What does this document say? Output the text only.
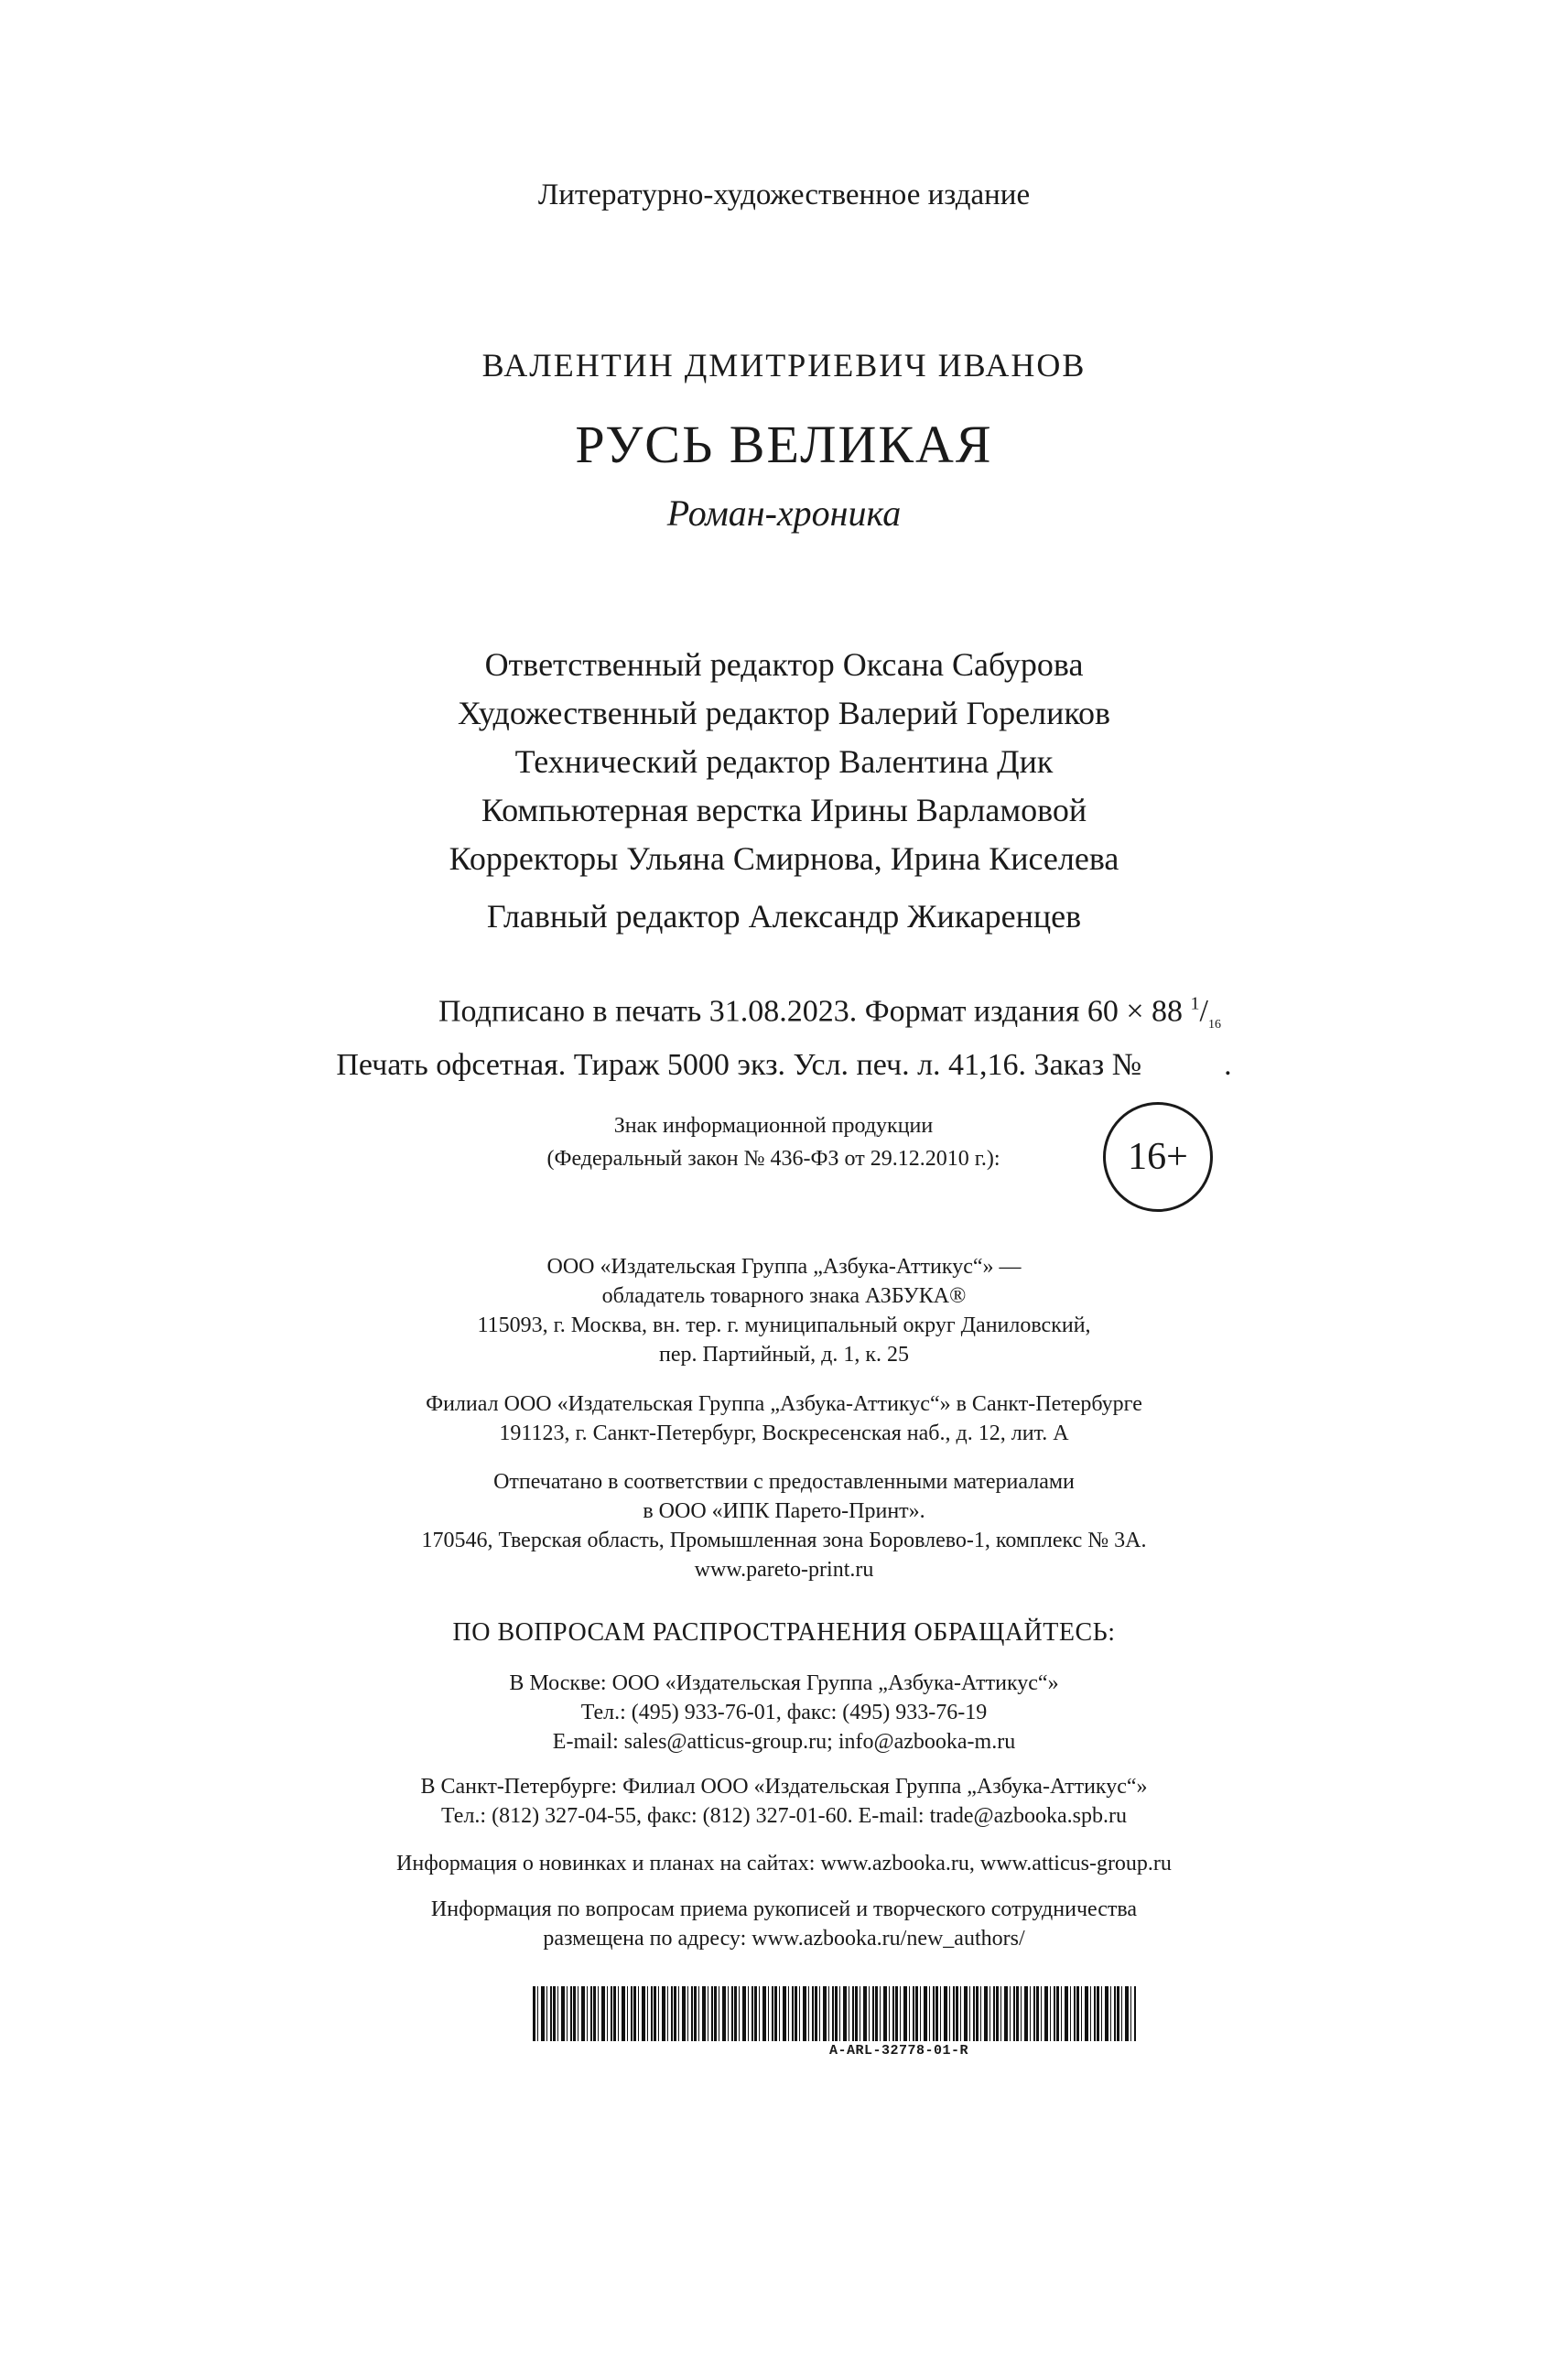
Литературно-художественное издание
ВАЛЕНТИН ДМИТРИЕВИЧ ИВАНОВ
РУСЬ ВЕЛИКАЯ
Роман-хроника
Ответственный редактор Оксана Сабурова
Художественный редактор Валерий Гореликов
Технический редактор Валентина Дик
Компьютерная верстка Ирины Варламовой
Корректоры Ульяна Смирнова, Ирина Киселева
Главный редактор Александр Жикаренцев
Подписано в печать 31.08.2023. Формат издания 60 × 88 $^1/_{16}$
Печать офсетная. Тираж 5000 экз. Усл. печ. л. 41,16. Заказ №	.
Знак информационной продукции
(Федеральный закон № 436-ФЗ от 29.12.2010 г.):	16+
ООО «Издательская Группа „Азбука-Аттикус“» —
обладатель товарного знака АЗБУКА®
115093, г. Москва, вн. тер. г. муниципальный округ Даниловский,
пер. Партийный, д. 1, к. 25
Филиал ООО «Издательская Группа „Азбука-Аттикус“» в Санкт-Петербурге
191123, г. Санкт-Петербург, Воскресенская наб., д. 12, лит. А
Отпечатано в соответствии с предоставленными материалами
в ООО «ИПК Парето-Принт».
170546, Тверская область, Промышленная зона Боровлево-1, комплекс № 3А.
www.pareto-print.ru
ПО ВОПРОСАМ РАСПРОСТРАНЕНИЯ ОБРАЩАЙТЕСЬ:
В Москве: ООО «Издательская Группа „Азбука-Аттикус“»
Тел.: (495) 933-76-01, факс: (495) 933-76-19
E-mail: sales@atticus-group.ru; info@azbooka-m.ru
В Санкт-Петербурге: Филиал ООО «Издательская Группа „Азбука-Аттикус“»
Тел.: (812) 327-04-55, факс: (812) 327-01-60. E-mail: trade@azbooka.spb.ru
Информация о новинках и планах на сайтах: www.azbooka.ru, www.atticus-group.ru
Информация по вопросам приема рукописей и творческого сотрудничества
размещена по адресу: www.azbooka.ru/new_authors/
A-ARL-32778-01-R
